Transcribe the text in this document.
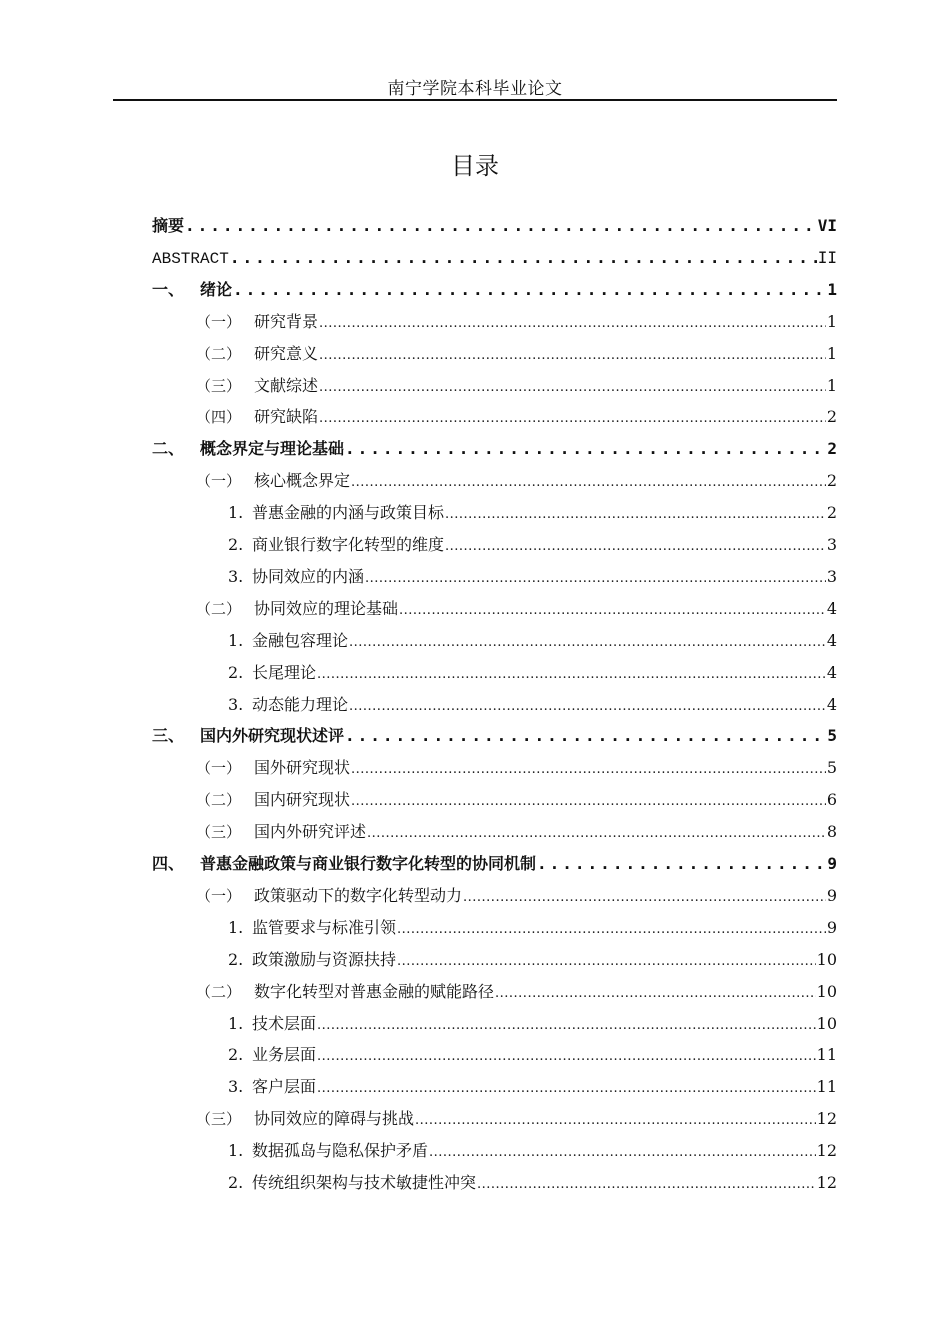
南宁学院本科毕业论文
目录
摘要 .....	VI
ABSTRACT .....	II
一、 绪论 .....	1
（一） 研究背景 .....	1
（二） 研究意义 .....	1
（三） 文献综述 .....	1
（四） 研究缺陷 .....	2
二、 概念界定与理论基础 .....	2
（一） 核心概念界定 .....	2
1. 普惠金融的内涵与政策目标 .....	2
2. 商业银行数字化转型的维度 .....	3
3. 协同效应的内涵 .....	3
（二） 协同效应的理论基础 .....	4
1. 金融包容理论 .....	4
2. 长尾理论 .....	4
3. 动态能力理论 .....	4
三、 国内外研究现状述评 .....	5
（一） 国外研究现状 .....	5
（二） 国内研究现状 .....	6
（三） 国内外研究评述 .....	8
四、 普惠金融政策与商业银行数字化转型的协同机制 .....	9
（一） 政策驱动下的数字化转型动力 .....	9
1. 监管要求与标准引领 .....	9
2. 政策激励与资源扶持 .....	10
（二） 数字化转型对普惠金融的赋能路径 .....	10
1. 技术层面 .....	10
2. 业务层面 .....	11
3. 客户层面 .....	11
（三） 协同效应的障碍与挑战 .....	12
1. 数据孤岛与隐私保护矛盾 .....	12
2. 传统组织架构与技术敏捷性冲突 .....	12
